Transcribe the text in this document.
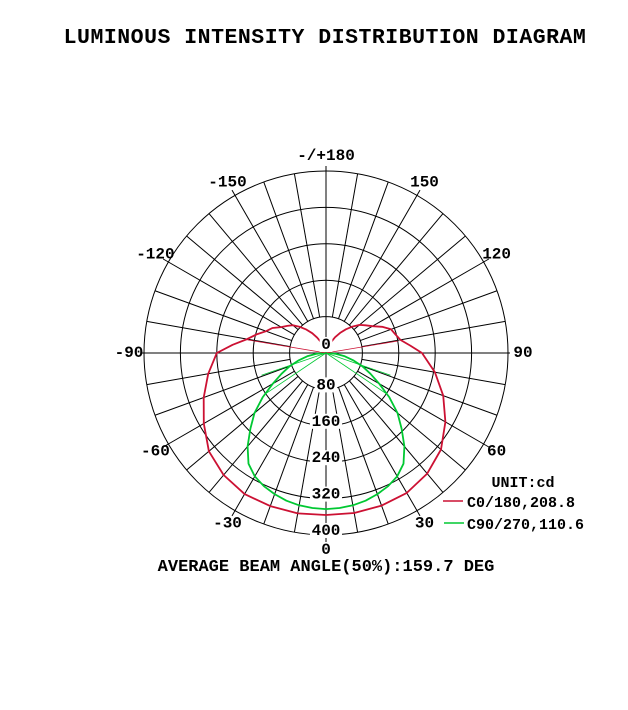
LUMINOUS INTENSITY DISTRIBUTION DIAGRAM
0
80
160
240
320
400
-/+180
150
120
90
60
30
0
-30
-60
-90
-120
-150
UNIT:cd
C0/180,208.8
C90/270,110.6
AVERAGE BEAM ANGLE(50%):159.7 DEG
